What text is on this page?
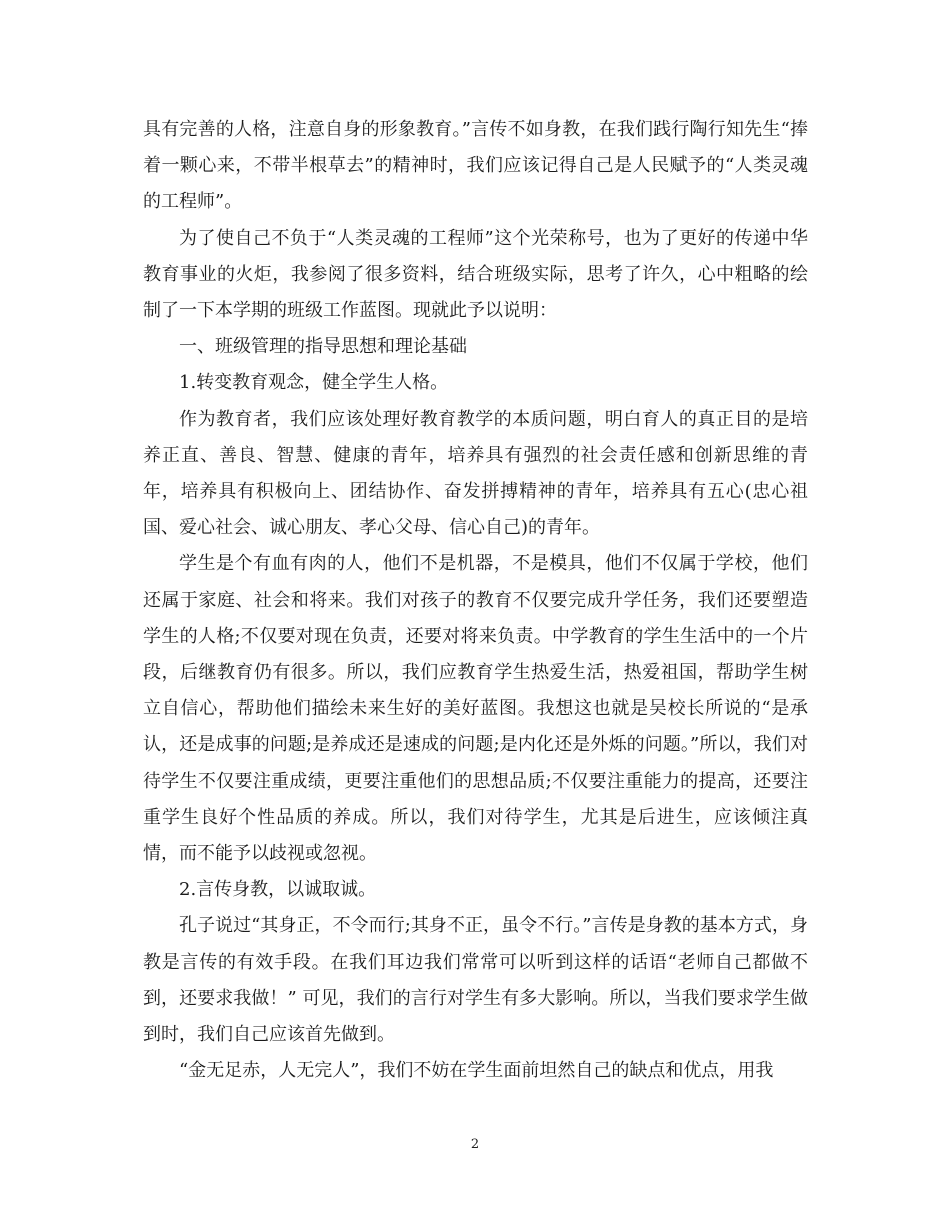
具有完善的人格，注意自身的形象教育。”言传不如身教，在我们践行陶行知先生“捧着一颗心来，不带半根草去”的精神时，我们应该记得自己是人民赋予的“人类灵魂的工程师”。

为了使自己不负于“人类灵魂的工程师”这个光荣称号，也为了更好的传递中华教育事业的火炬，我参阅了很多资料，结合班级实际，思考了许久，心中粗略的绘制了一下本学期的班级工作蓝图。现就此予以说明：

一、班级管理的指导思想和理论基础

1.转变教育观念，健全学生人格。

作为教育者，我们应该处理好教育教学的本质问题，明白育人的真正目的是培养正直、善良、智慧、健康的青年，培养具有强烈的社会责任感和创新思维的青年，培养具有积极向上、团结协作、奋发拼搏精神的青年，培养具有五心(忠心祖国、爱心社会、诚心朋友、孝心父母、信心自己)的青年。

学生是个有血有肉的人，他们不是机器，不是模具，他们不仅属于学校，他们还属于家庭、社会和将来。我们对孩子的教育不仅要完成升学任务，我们还要塑造学生的人格;不仅要对现在负责，还要对将来负责。中学教育的学生生活中的一个片段，后继教育仍有很多。所以，我们应教育学生热爱生活，热爱祖国，帮助学生树立自信心，帮助他们描绘未来生好的美好蓝图。我想这也就是吴校长所说的“是承认，还是成事的问题;是养成还是速成的问题;是内化还是外烁的问题。”所以，我们对待学生不仅要注重成绩，更要注重他们的思想品质;不仅要注重能力的提高，还要注重学生良好个性品质的养成。所以，我们对待学生，尤其是后进生，应该倾注真情，而不能予以歧视或忽视。

2.言传身教，以诚取诚。

孔子说过“其身正，不令而行;其身不正，虽令不行。”言传是身教的基本方式，身教是言传的有效手段。在我们耳边我们常常可以听到这样的话语“老师自己都做不到，还要求我做！” 可见，我们的言行对学生有多大影响。所以，当我们要求学生做到时，我们自己应该首先做到。

“金无足赤，人无完人”，我们不妨在学生面前坦然自己的缺点和优点，用我

2
